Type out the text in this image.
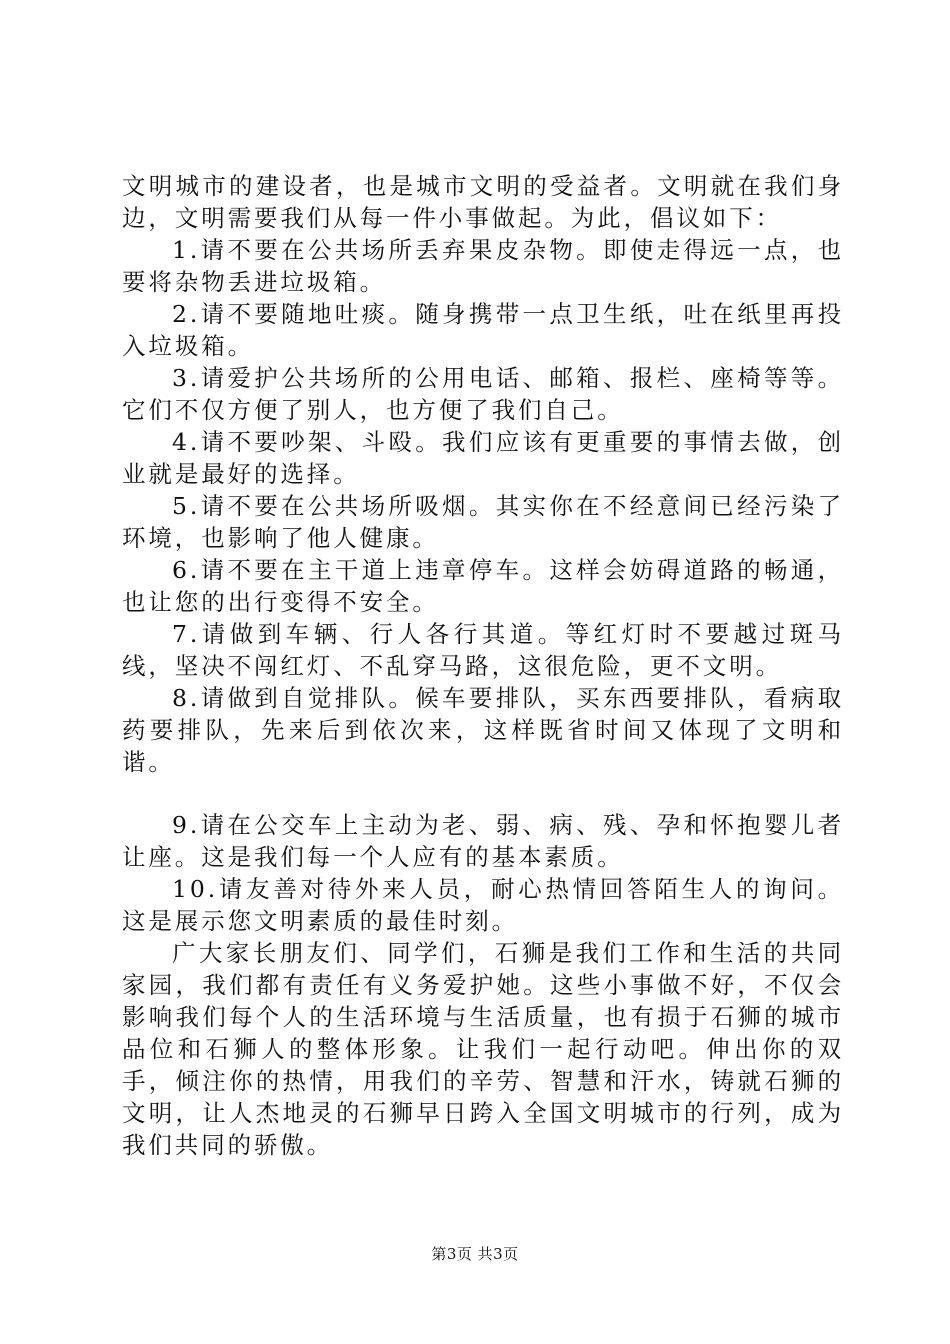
文明城市的建设者，也是城市文明的受益者。文明就在我们身边，文明需要我们从每一件小事做起。为此，倡议如下：

1.请不要在公共场所丢弃果皮杂物。即使走得远一点，也要将杂物丢进垃圾箱。

2.请不要随地吐痰。随身携带一点卫生纸，吐在纸里再投入垃圾箱。

3.请爱护公共场所的公用电话、邮箱、报栏、座椅等等。它们不仅方便了别人，也方便了我们自己。

4.请不要吵架、斗殴。我们应该有更重要的事情去做，创业就是最好的选择。

5.请不要在公共场所吸烟。其实你在不经意间已经污染了环境，也影响了他人健康。

6.请不要在主干道上违章停车。这样会妨碍道路的畅通，也让您的出行变得不安全。

7.请做到车辆、行人各行其道。等红灯时不要越过斑马线，坚决不闯红灯、不乱穿马路，这很危险，更不文明。

8.请做到自觉排队。候车要排队，买东西要排队，看病取药要排队，先来后到依次来，这样既省时间又体现了文明和谐。

9.请在公交车上主动为老、弱、病、残、孕和怀抱婴儿者让座。这是我们每一个人应有的基本素质。

10.请友善对待外来人员，耐心热情回答陌生人的询问。这是展示您文明素质的最佳时刻。

广大家长朋友们、同学们，石狮是我们工作和生活的共同家园，我们都有责任有义务爱护她。这些小事做不好，不仅会影响我们每个人的生活环境与生活质量，也有损于石狮的城市品位和石狮人的整体形象。让我们一起行动吧。伸出你的双手，倾注你的热情，用我们的辛劳、智慧和汗水，铸就石狮的文明，让人杰地灵的石狮早日跨入全国文明城市的行列，成为我们共同的骄傲。

第3页 共3页
